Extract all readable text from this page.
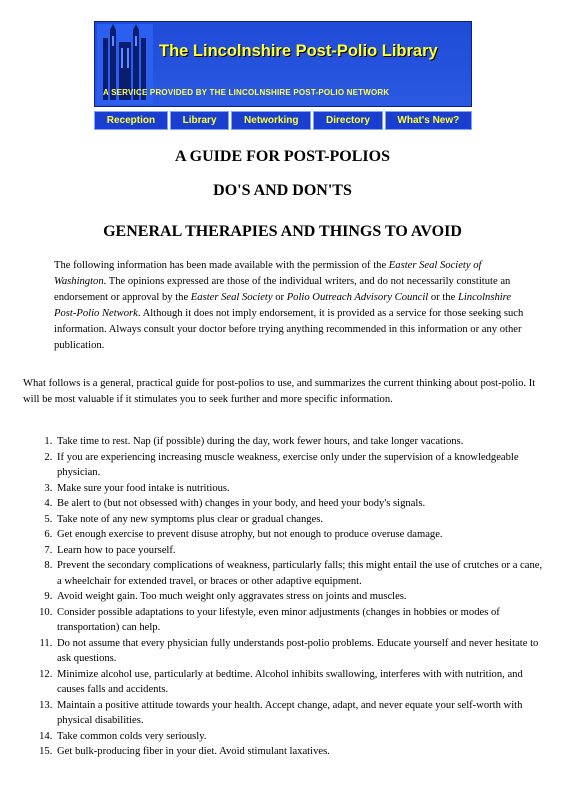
The Lincolnshire Post-Polio Library
A SERVICE PROVIDED BY THE LINCOLNSHIRE POST-POLIO NETWORK
Reception	Library	Networking	Directory	What's New?
A GUIDE FOR POST-POLIOS
DO'S AND DON'TS
GENERAL THERAPIES AND THINGS TO AVOID

The following information has been made available with the permission of the Easter Seal Society of Washington. The opinions expressed are those of the individual writers, and do not necessarily constitute an endorsement or approval by the Easter Seal Society or Polio Outreach Advisory Council or the Lincolnshire Post-Polio Network. Although it does not imply endorsement, it is provided as a service for those seeking such information. Always consult your doctor before trying anything recommended in this information or any other publication.

What follows is a general, practical guide for post-polios to use, and summarizes the current thinking about post-polio. It will be most valuable if it stimulates you to seek further and more specific information.

1. Take time to rest. Nap (if possible) during the day, work fewer hours, and take longer vacations.
2. If you are experiencing increasing muscle weakness, exercise only under the supervision of a knowledgeable physician.
3. Make sure your food intake is nutritious.
4. Be alert to (but not obsessed with) changes in your body, and heed your body's signals.
5. Take note of any new symptoms plus clear or gradual changes.
6. Get enough exercise to prevent disuse atrophy, but not enough to produce overuse damage.
7. Learn how to pace yourself.
8. Prevent the secondary complications of weakness, particularly falls; this might entail the use of crutches or a cane, a wheelchair for extended travel, or braces or other adaptive equipment.
9. Avoid weight gain. Too much weight only aggravates stress on joints and muscles.
10. Consider possible adaptations to your lifestyle, even minor adjustments (changes in hobbies or modes of transportation) can help.
11. Do not assume that every physician fully understands post-polio problems. Educate yourself and never hesitate to ask questions.
12. Minimize alcohol use, particularly at bedtime. Alcohol inhibits swallowing, interferes with with nutrition, and causes falls and accidents.
13. Maintain a positive attitude towards your health. Accept change, adapt, and never equate your self-worth with physical disabilities.
14. Take common colds very seriously.
15. Get bulk-producing fiber in your diet. Avoid stimulant laxatives.
